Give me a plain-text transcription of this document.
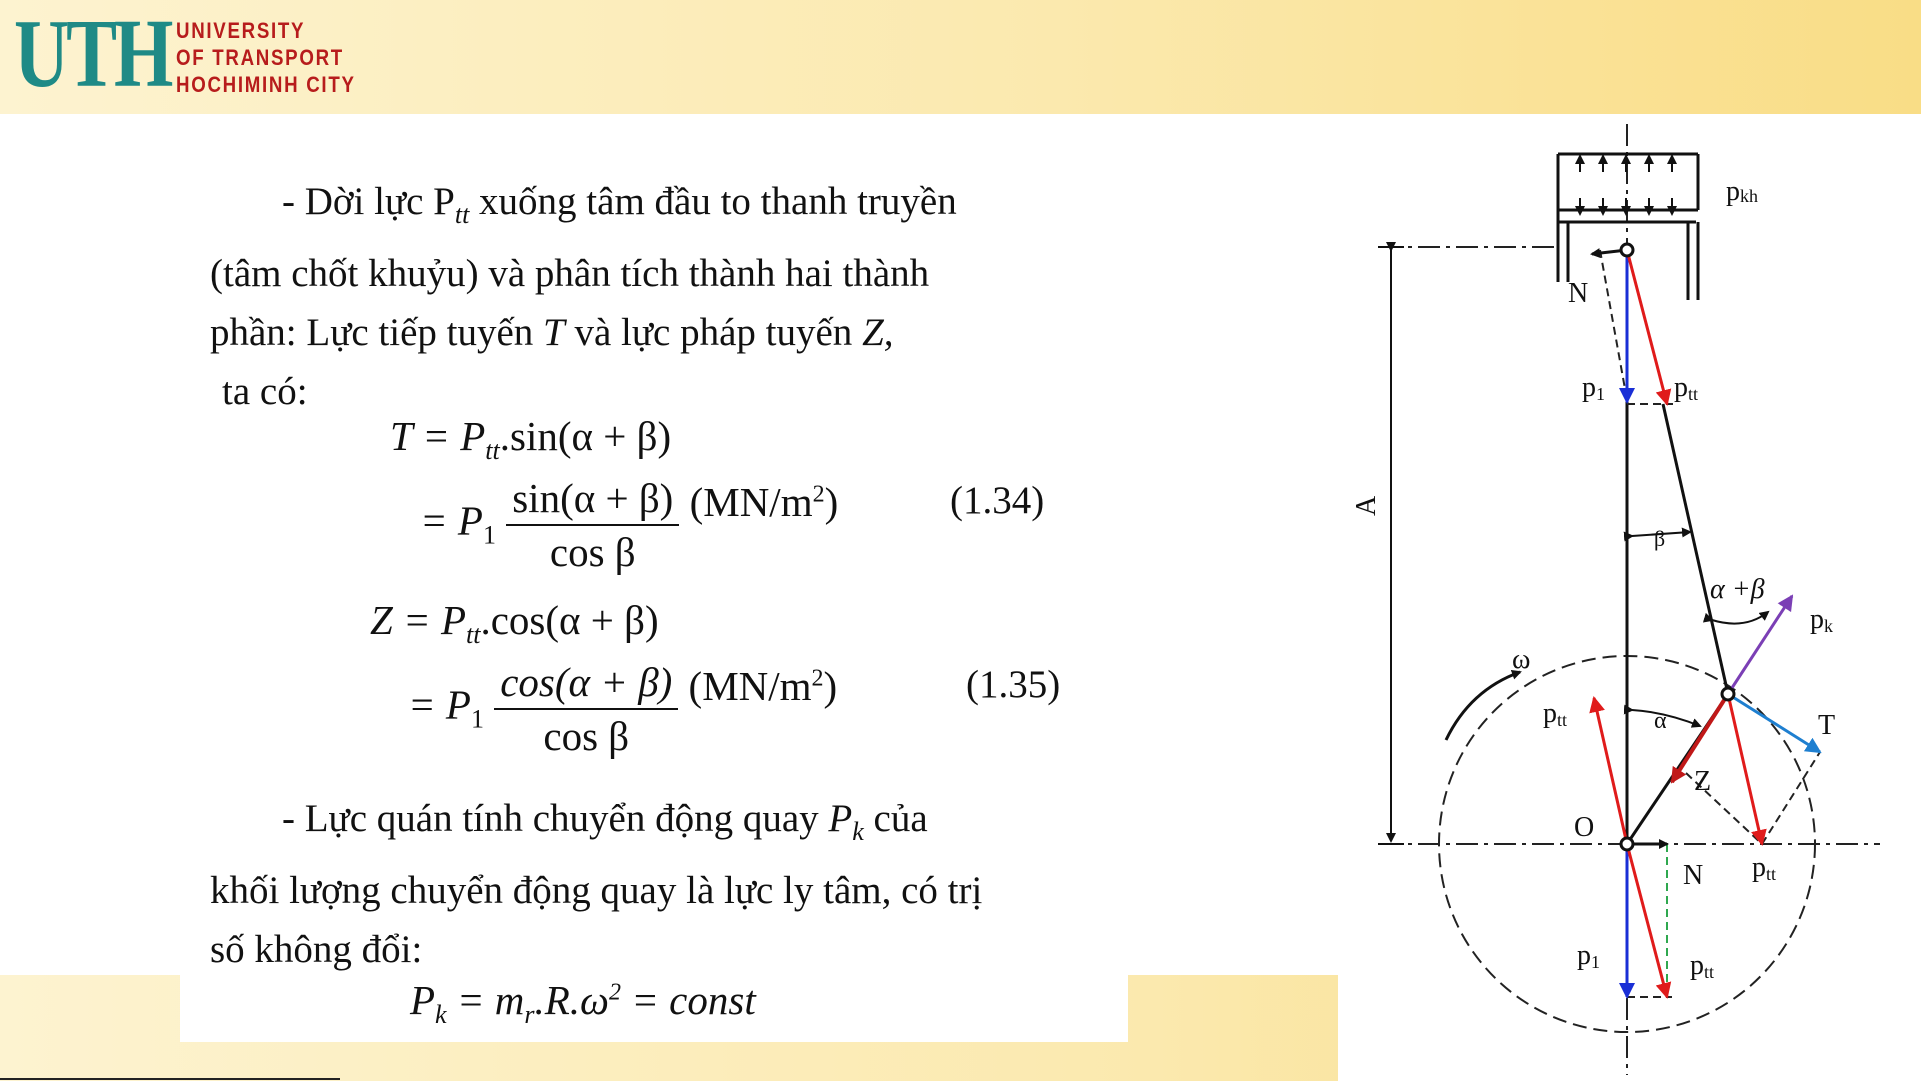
UTH UNIVERSITY
OF TRANSPORT
HOCHIMINH CITY
- Dời lực $P_{tt}$ xuống tâm đầu to thanh truyền
(tâm chốt khuỷu) và phân tích thành hai thành
phần: Lực tiếp tuyến T và lực pháp tuyến Z,
ta có:
$T = P_{tt}.\sin(\alpha + \beta)$
= $P_1 \frac{\sin(\alpha + \beta)}{\text{cos β}} (MN/m^2)$	(1.34)
$Z = P_{tt}.\cos(\alpha + \beta)$
= $P_1 \frac{\cos(\alpha + \beta)}{\text{cos β}} (MN/m^2)$	(1.35)
- Lực quán tính chuyển động quay $P_k$ của
khối lượng chuyển động quay là lực ly tâm, có trị
số không đổi:
$P_k = m_r.R.\omega^2$ = const
pkh
N
p1 ptt
A
β
α +β
pk
ω
ptt	α	T
Z
O
N ptt
p1	ptt
